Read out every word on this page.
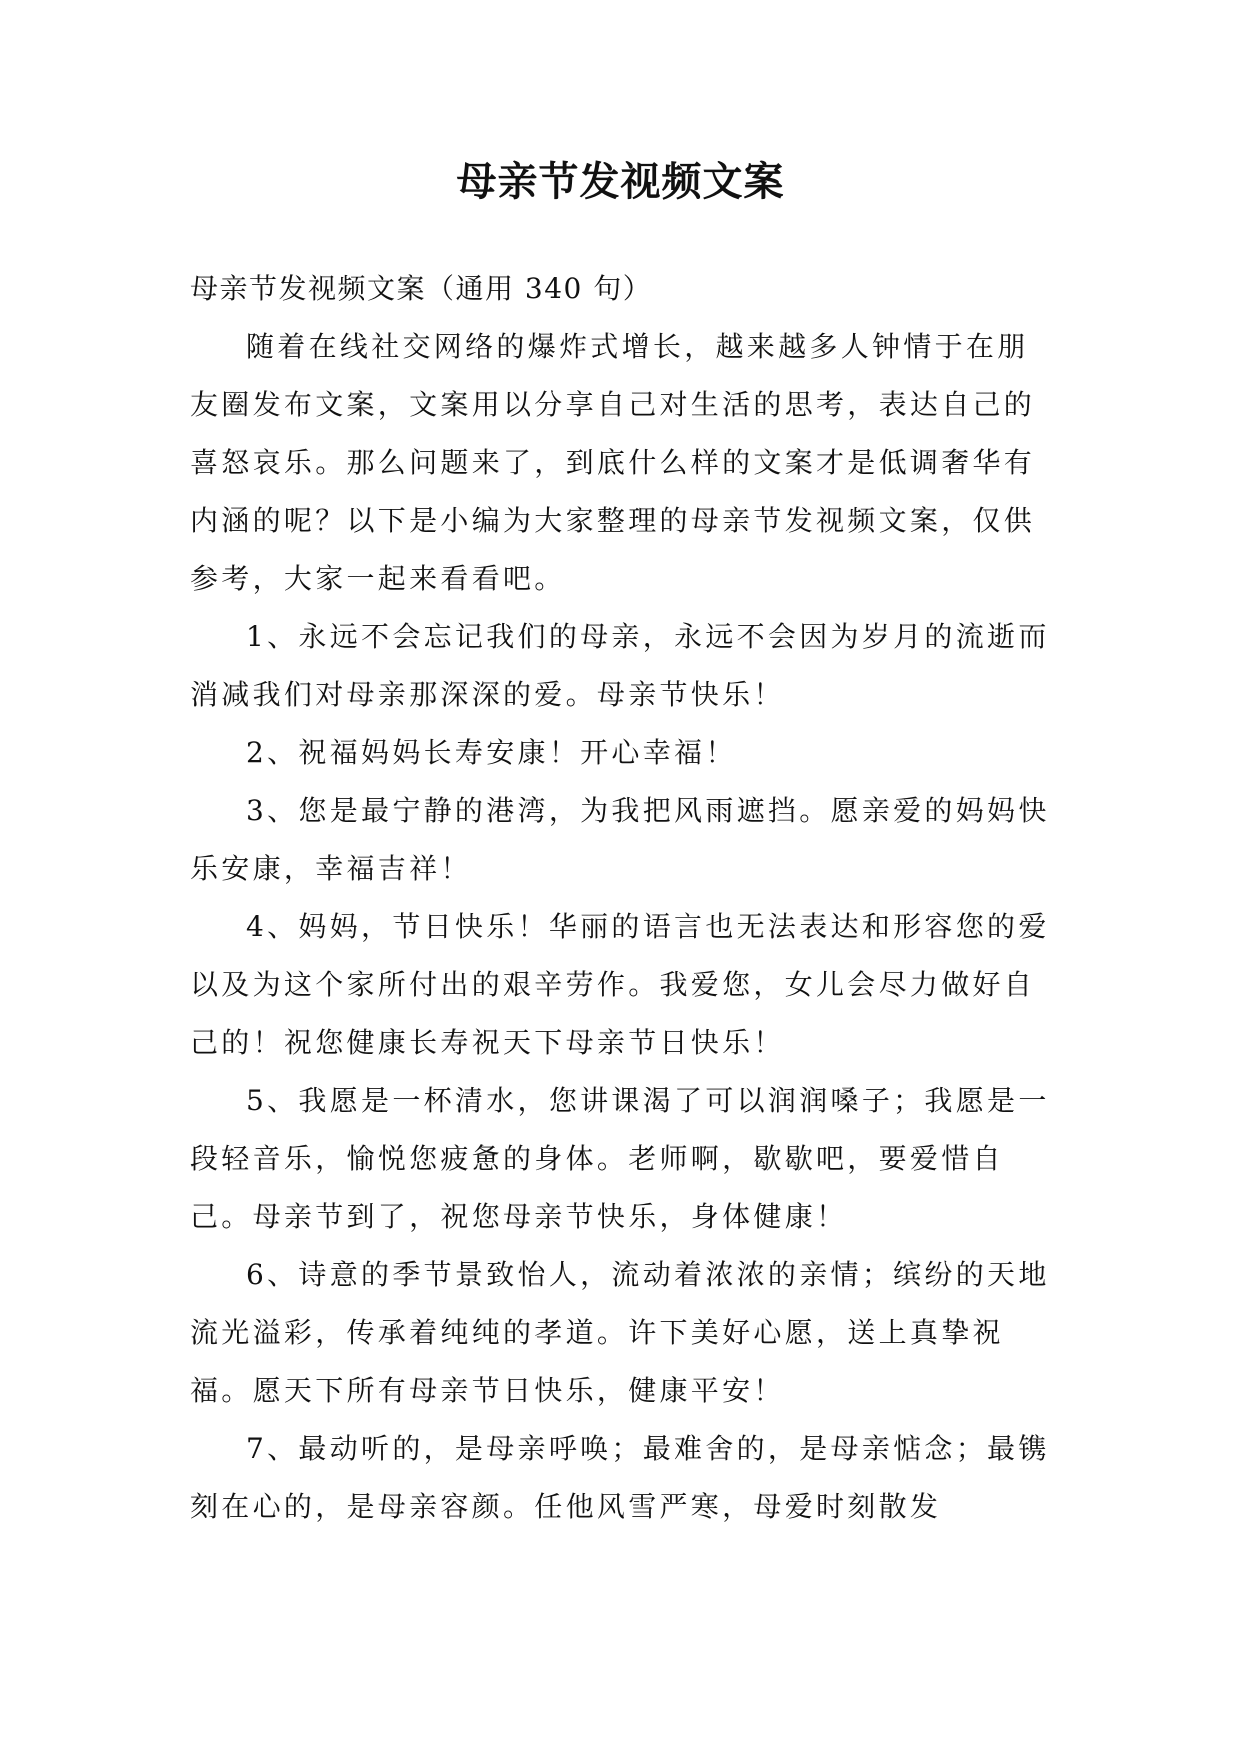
母亲节发视频文案

母亲节发视频文案（通用 340 句）

随着在线社交网络的爆炸式增长，越来越多人钟情于在朋友圈发布文案，文案用以分享自己对生活的思考，表达自己的喜怒哀乐。那么问题来了，到底什么样的文案才是低调奢华有内涵的呢？以下是小编为大家整理的母亲节发视频文案，仅供参考，大家一起来看看吧。

1、永远不会忘记我们的母亲，永远不会因为岁月的流逝而消减我们对母亲那深深的爱。母亲节快乐！

2、祝福妈妈长寿安康！开心幸福！

3、您是最宁静的港湾，为我把风雨遮挡。愿亲爱的妈妈快乐安康，幸福吉祥！

4、妈妈，节日快乐！华丽的语言也无法表达和形容您的爱以及为这个家所付出的艰辛劳作。我爱您，女儿会尽力做好自己的！祝您健康长寿祝天下母亲节日快乐！

5、我愿是一杯清水，您讲课渴了可以润润嗓子；我愿是一段轻音乐，愉悦您疲惫的身体。老师啊，歇歇吧，要爱惜自己。母亲节到了，祝您母亲节快乐，身体健康！

6、诗意的季节景致怡人，流动着浓浓的亲情；缤纷的天地流光溢彩，传承着纯纯的孝道。许下美好心愿，送上真挚祝福。愿天下所有母亲节日快乐，健康平安！

7、最动听的，是母亲呼唤；最难舍的，是母亲惦念；最镌刻在心的，是母亲容颜。任他风雪严寒，母爱时刻散发
